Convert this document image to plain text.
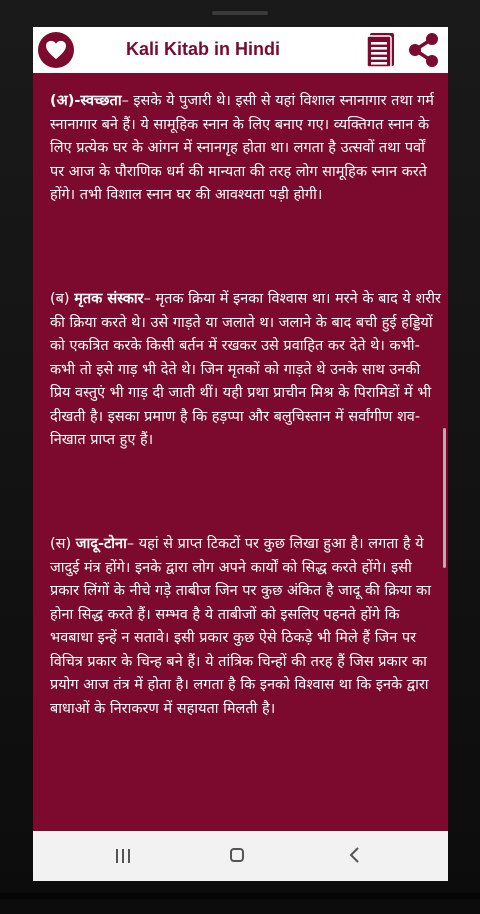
Kali Kitab in Hindi

(अ)-स्वच्छता– इसके ये पुजारी थे। इसी से यहां विशाल स्नानागार तथा गर्म स्नानागार बने हैं। ये सामूहिक स्नान के लिए बनाए गए। व्यक्तिगत स्नान के लिए प्रत्येक घर के आंगन में स्नानगृह होता था। लगता है उत्सवों तथा पर्वों पर आज के पौराणिक धर्म की मान्यता की तरह लोग सामूहिक स्नान करते होंगे। तभी विशाल स्नान घर की आवश्यता पड़ी होगी।

(ब) मृतक संस्कार– मृतक क्रिया में इनका विश्वास था। मरने के बाद ये शरीर की क्रिया करते थे। उसे गाड़ते या जलाते थ। जलाने के बाद बची हुई हड्डियों को एकत्रित करके किसी बर्तन में रखकर उसे प्रवाहित कर देते थे। कभी-कभी तो इसे गाड़ भी देते थे। जिन मृतकों को गाड़ते थे उनके साथ उनकी प्रिय वस्तुएं भी गाड़ दी जाती थीं। यही प्रथा प्राचीन मिश्र के पिरामिडों में भी दीखती है। इसका प्रमाण है कि हड़प्पा और बलुचिस्तान में सर्वांगीण शव-निखात प्राप्त हुए हैं।

(स) जादू-टोना– यहां से प्राप्त टिकटों पर कुछ लिखा हुआ है। लगता है ये जादुई मंत्र होंगे। इनके द्वारा लोग अपने कार्यों को सिद्ध करते होंगे। इसी प्रकार लिंगों के नीचे गड़े ताबीज जिन पर कुछ अंकित है जादू की क्रिया का होना सिद्ध करते हैं। सम्भव है ये ताबीजों को इसलिए पहनते होंगे कि भवबाधा इन्हें न सतावे। इसी प्रकार कुछ ऐसे ठिकड़े भी मिले हैं जिन पर विचित्र प्रकार के चिन्ह बने हैं। ये तांत्रिक चिन्हों की तरह हैं जिस प्रकार का प्रयोग आज तंत्र में होता है। लगता है कि इनको विश्वास था कि इनके द्वारा बाधाओं के निराकरण में सहायता मिलती है।
